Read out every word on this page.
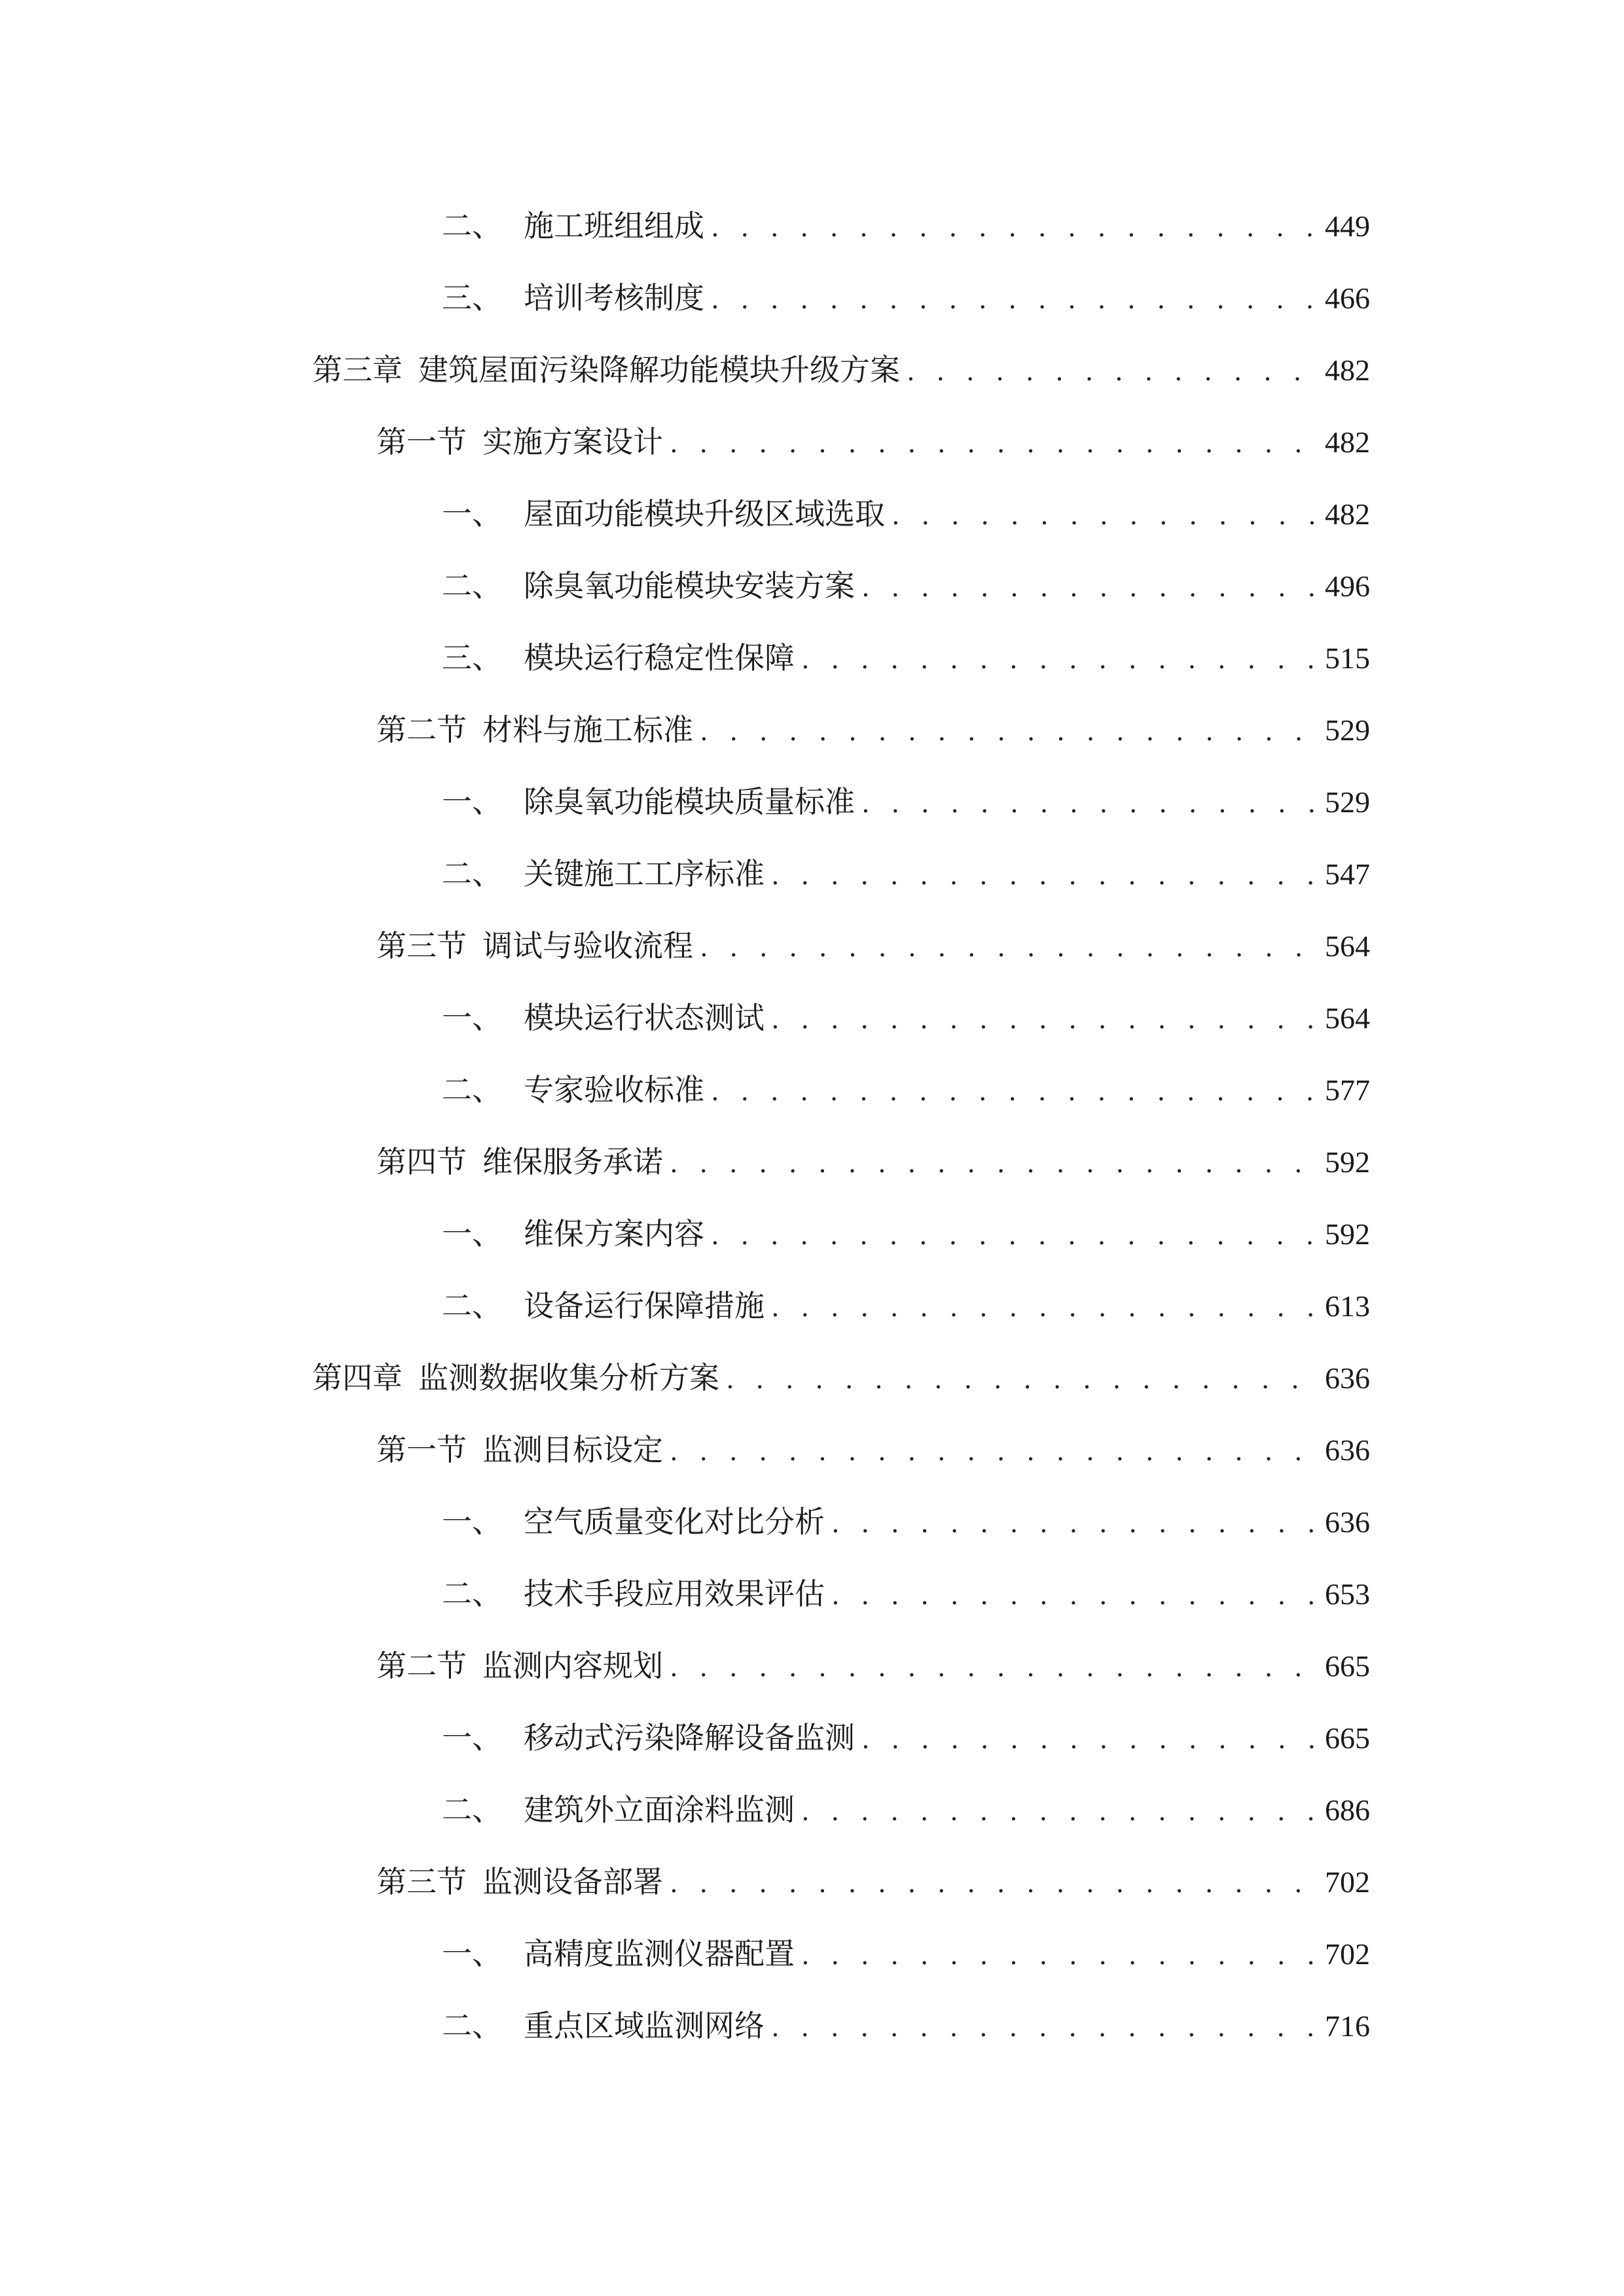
二、 施工班组组成 . . .	449
三、 培训考核制度 . . .	466
第三章 建筑屋面污染降解功能模块升级方案 . . .	482
第一节 实施方案设计 . . .	482
一、 屋面功能模块升级区域选取 . . .	482
二、 除臭氧功能模块安装方案 . . .	496
三、 模块运行稳定性保障 . . .	515
第二节 材料与施工标准 . . .	529
一、 除臭氧功能模块质量标准 . . .	529
二、 关键施工工序标准 . . .	547
第三节 调试与验收流程 . . .	564
一、 模块运行状态测试 . . .	564
二、 专家验收标准 . . .	577
第四节 维保服务承诺 . . .	592
一、 维保方案内容 . . .	592
二、 设备运行保障措施 . . .	613
第四章 监测数据收集分析方案 . . .	636
第一节 监测目标设定 . . .	636
一、 空气质量变化对比分析 . . .	636
二、 技术手段应用效果评估 . . .	653
第二节 监测内容规划 . . .	665
一、 移动式污染降解设备监测 . . .	665
二、 建筑外立面涂料监测 . . .	686
第三节 监测设备部署 . . .	702
一、 高精度监测仪器配置 . . .	702
二、 重点区域监测网络 . . .	716
